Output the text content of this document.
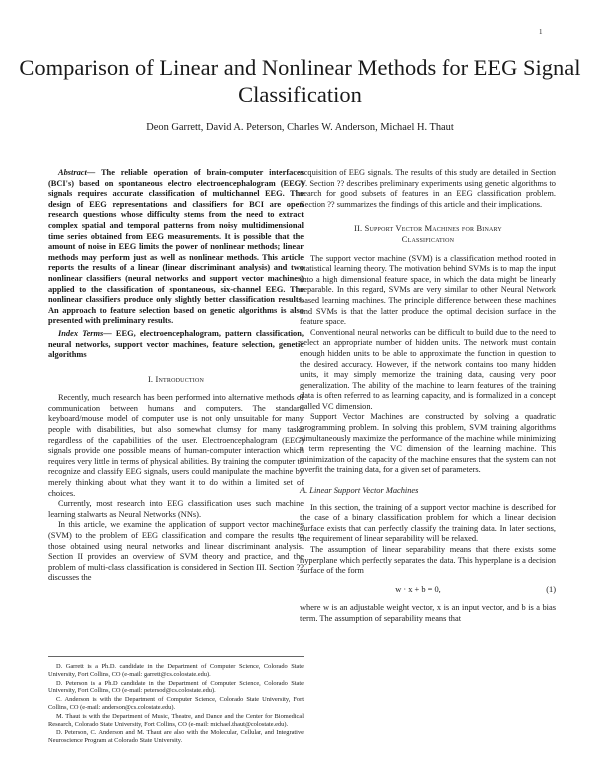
1
Comparison of Linear and Nonlinear Methods for EEG Signal Classification
Deon Garrett, David A. Peterson, Charles W. Anderson, Michael H. Thaut

Abstract— The reliable operation of brain-computer interfaces (BCI's) based on spontaneous electro electroencephalogram (EEG) signals requires accurate classification of multichannel EEG. The design of EEG representations and classifiers for BCI are open research questions whose difficulty stems from the need to extract complex spatial and temporal patterns from noisy multidimensional time series obtained from EEG measurements. It is possible that the amount of noise in EEG limits the power of nonlinear methods; linear methods may perform just as well as nonlinear methods. This article reports the results of a linear (linear discriminant analysis) and two nonlinear classifiers (neural networks and support vector machines) applied to the classification of spontaneous, six-channel EEG. The nonlinear classifiers produce only slightly better classification results. An approach to feature selection based on genetic algorithms is also presented with preliminary results.

Index Terms— EEG, electroencephalogram, pattern classification, neural networks, support vector machines, feature selection, genetic algorithms

I. Introduction

Recently, much research has been performed into alternative methods of communication between humans and computers. The standard keyboard/mouse model of computer use is not only unsuitable for many people with disabilities, but also somewhat clumsy for many tasks regardless of the capabilities of the user. Electroencephalogram (EEG) signals provide one possible means of human-computer interaction which requires very little in terms of physical abilities. By training the computer to recognize and classify EEG signals, users could manipulate the machine by merely thinking about what they want it to do within a limited set of choices.

Currently, most research into EEG classification uses such machine learning stalwarts as Neural Networks (NNs).

In this article, we examine the application of support vector machines (SVM) to the problem of EEG classification and compare the results to those obtained using neural networks and linear discriminant analysis. Section II provides an overview of SVM theory and practice, and the problem of multi-class classification is considered in Section III. Section ?? discusses the

D. Garrett is a Ph.D. candidate in the Department of Computer Science, Colorado State University, Fort Collins, CO (e-mail: garrett@cs.colostate.edu).

D. Peterson is a Ph.D candidate in the Department of Computer Science, Colorado State University, Fort Collins, CO (e-mail: petersod@cs.colostate.edu).

C. Anderson is with the Department of Computer Science, Colorado State University, Fort Collins, CO (e-mail: anderson@cs.colostate.edu).

M. Thaut is with the Department of Music, Theatre, and Dance and the Center for Biomedical Research, Colorado State University, Fort Collins, CO (e-mail: michael.thaut@colostate.edu).

D. Peterson, C. Anderson and M. Thaut are also with the Molecular, Cellular, and Integrative Neuroscience Program at Colorado State University.

acquisition of EEG signals. The results of this study are detailed in Section V. Section ?? describes preliminary experiments using genetic algorithms to search for good subsets of features in an EEG classification problem. Section ?? summarizes the findings of this article and their implications.

II. Support Vector Machines for Binary
Classification

The support vector machine (SVM) is a classification method rooted in statistical learning theory. The motivation behind SVMs is to map the input into a high dimensional feature space, in which the data might be linearly separable. In this regard, SVMs are very similar to other Neural Network based learning machines. The principle difference between these machines and SVMs is that the latter produce the optimal decision surface in the feature space.

Conventional neural networks can be difficult to build due to the need to select an appropriate number of hidden units. The network must contain enough hidden units to be able to approximate the function in question to the desired accuracy. However, if the network contains too many hidden units, it may simply memorize the training data, causing very poor generalization. The ability of the machine to learn features of the training data is often referred to as learning capacity, and is formalized in a concept called VC dimension.

Support Vector Machines are constructed by solving a quadratic programming problem. In solving this problem, SVM training algorithms simultaneously maximize the performance of the machine while minimizing a term representing the VC dimension of the learning machine. This minimization of the capacity of the machine ensures that the system can not overfit the training data, for a given set of parameters.

A. Linear Support Vector Machines

In this section, the training of a support vector machine is described for the case of a binary classification problem for which a linear decision surface exists that can perfectly classify the training data. In later sections, the requirement of linear separability will be relaxed.

The assumption of linear separability means that there exists some hyperplane which perfectly separates the data. This hyperplane is a decision surface of the form

w · x + b = 0,	(1)

where w is an adjustable weight vector, x is an input vector, and b is a bias term. The assumption of separability means that
